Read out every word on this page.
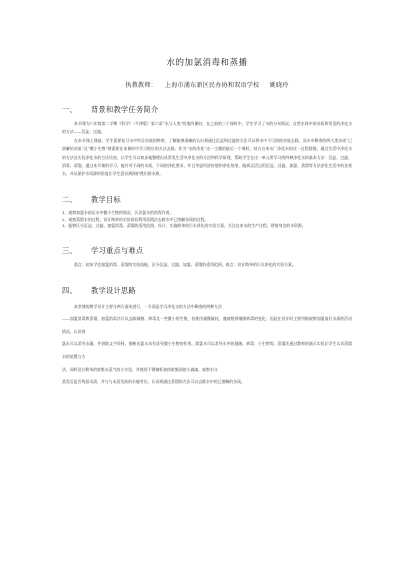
水的加氯消毒和蒸播
执教教师： 上海市浦东新区民办协和双语学校 姚晓玲
一、 背景和教学任务简介

本节课为六年级第二学期《科学》（牛津版）第六章“水与人类”的第四课时，在之前的三个课时中，学生学习了水的分布情况、自然水体中的杂质和常见的净化水的方法——沉淀、过滤。

在本节课上课前，学生需要复习水中所含杂质的种类，了解能够清晰的认识到通过沉淀和过滤的方法可以将水中不可溶的杂质去除，而水中剩余的两大类杂质“已溶解的杂质”及“微小生物”则需要在本课时中学习相应的方法去除。作为“水的净化”这一主题的最后一个课时，结合自来水厂净化水的这一过程情境，通过生活中净化水的方法及实验净化水的方法比较，让学生可以初步地整理出从常见生活中净化水的方法和科学原理，帮助学生在这一单元所学习的四种净化水的基本方法：沉淀、过滤、消毒、蒸馏，通过本节课的学习，能针对不同的水质，不同的净化要求，并且考虑经济价值和净化效果，做到灵活运用沉淀、过滤、加氯、蒸馏等方法净化生活中的各类水，并从保护水资源的角度让学生意识到保护我们的水源。

二、 教学目标
1、观察加氯水前后水中微小生物的情况，认识氯水的消毒作用。
2、观察蒸馏水的过程，设计简单的实验体验利用蒸馏法去除水中已溶解杂质的过程。
3、能够区分沉淀、过滤、加氯消毒、蒸馏的适用范围，设计、实施简单的污水净化的实验方案，关注自来水的生产过程，珍惜身边的水资源。
三、 学习重点与难点

重点：初步学会加氯消毒、蒸馏的实验技能，区分沉淀、过滤、加氯、蒸馏的适用范围。难点：设计简单的污水净化的实验方案。

四、 教学设计思路

本堂课的教学设计主要分两方面来进行，一方面是学习净化水的方法中剩余的两种方法

——加氯消毒和蒸馏，加氯消毒法可以去除细菌、病毒及一些微小的生物，但使用量微量较，遇观察到细菌病毒的变化，因此在设计时主要用细观察加氯前后水质的活动情况。认识到

氯水可以杀死水藻、并借助文字资料，推断出氯水具有杀死微小生物的作用。即氯水可以杀死水中的细菌、病毒、小生物等。蒸馏法通过教师的演示实验让学生认识蒸馏水的装置与方

法，同时设计简单的收集水蒸气的小实验，并使用不锈钢杆加热收集到的小滴滴，观察水分

蒸发后是否残留水渍，并与与未蒸发前的水做对比，认识到通过蒸馏的方法可以去除水中的已溶解的杂质。
